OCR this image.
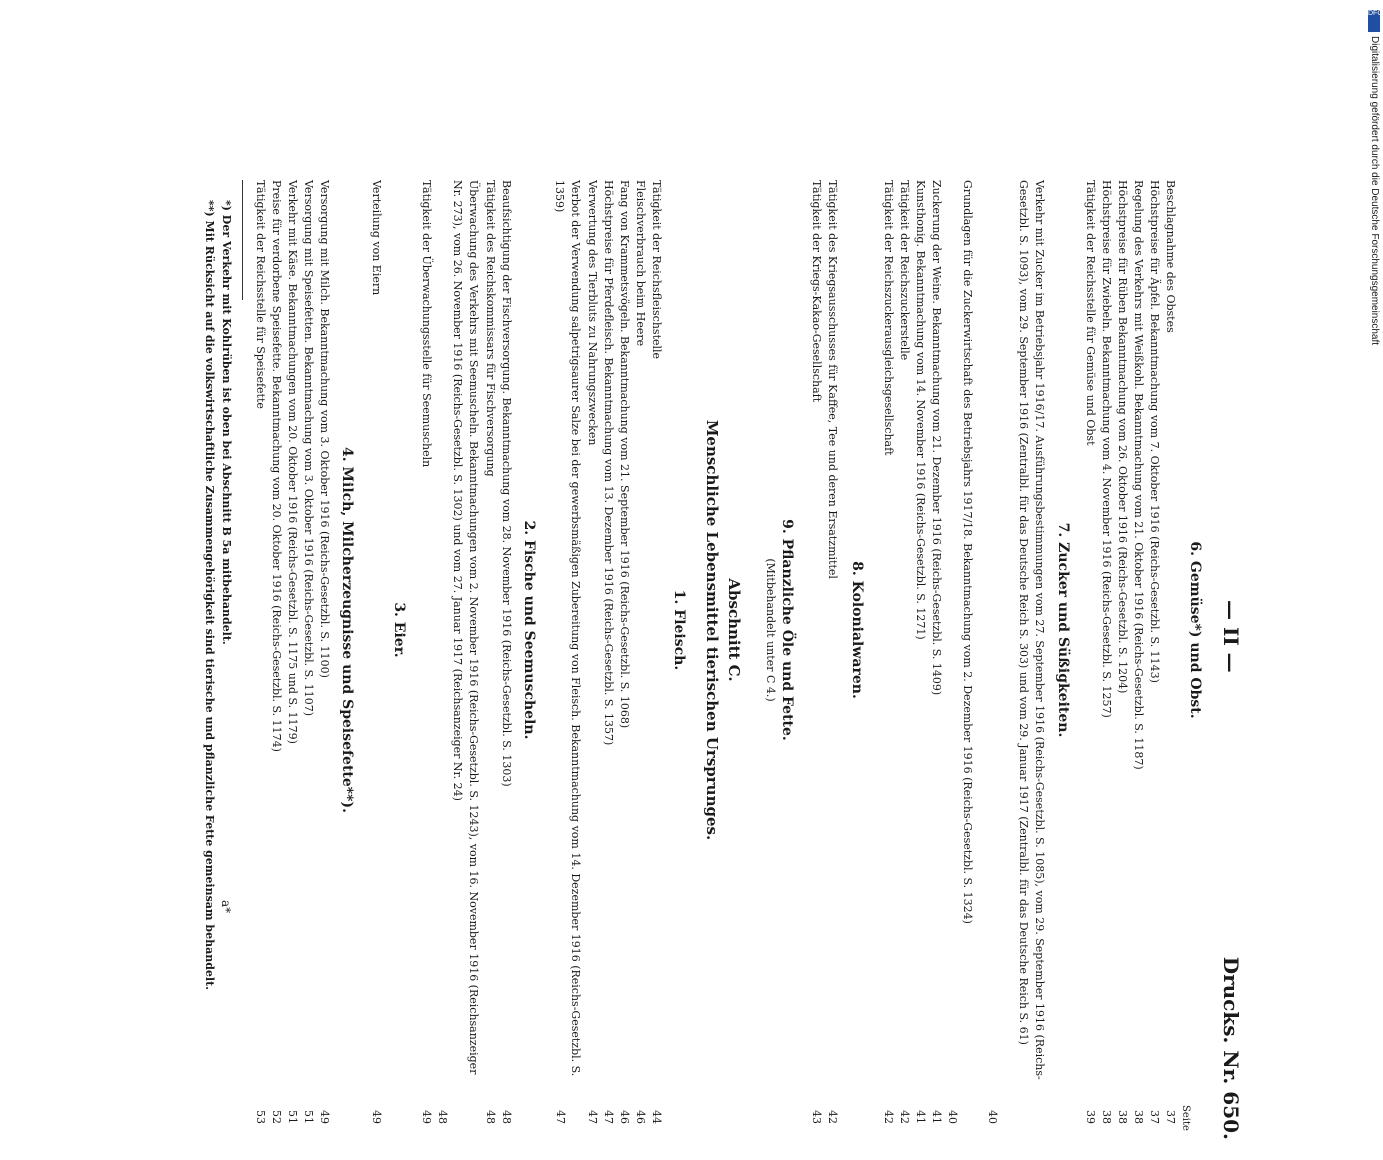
— II —
Drucks. Nr. 650.
6. Gemüse*) und Obst.
Seite
Beschlagnahme des Obstes
37
Höchstpreise für Äpfel. Bekanntmachung vom 7. Oktober 1916 (Reichs-Gesetzbl. S. 1143)
37
Regelung des Verkehrs mit Weißkohl. Bekanntmachung vom 21. Oktober 1916 (Reichs-Gesetzbl. S. 1187)
38
Höchstpreise für Rüben Bekanntmachung vom 26. Oktober 1916 (Reichs-Gesetzbl. S. 1204)
38
Höchstpreise für Zwiebeln. Bekanntmachung vom 4. November 1916 (Reichs-Gesetzbl. S. 1257)
38
Tätigkeit der Reichsstelle für Gemüse und Obst
39
7. Zucker und Süßigkeiten.
Verkehr mit Zucker im Betriebsjahr 1916/17. Ausführungsbestimmungen vom 27. September 1916 (Reichs-Gesetzbl. S. 1085), vom 29. September 1916 (Reichs-Gesetzbl. S. 1093), vom 29. September 1916 (Zentralbl. für das Deutsche Reich S. 303) und vom 29. Januar 1917 (Zentralbl. für das Deutsche Reich S. 61)
40
Grundlagen für die Zuckerwirtschaft des Betriebsjahrs 1917/18. Bekanntmachung vom 2. Dezember 1916 (Reichs-Gesetzbl. S. 1324)
40
Zuckerung der Weine. Bekanntmachung vom 21. Dezember 1916 (Reichs-Gesetzbl. S. 1409)
41
Kunsthonig. Bekanntmachung vom 14. November 1916 (Reichs-Gesetzbl. S. 1271)
41
Tätigkeit der Reichszuckerstelle
42
Tätigkeit der Reichszuckerausgleichsgesellschaft
42
8. Kolonialwaren.
Tätigkeit des Kriegsausschusses für Kaffee, Tee und deren Ersatzmittel
42
Tätigkeit der Kriegs-Kakao-Gesellschaft
43
9. Pflanzliche Öle und Fette.
(Mitbehandelt unter C 4.)
Abschnitt C.
Menschliche Lebensmittel tierischen Ursprunges.
1. Fleisch.
Tätigkeit der Reichsfleischstelle
44
Fleischverbrauch beim Heere
46
Fang von Krammetsvögeln. Bekanntmachung vom 21. September 1916 (Reichs-Gesetzbl. S. 1068)
46
Höchstpreise für Pferdefleisch. Bekanntmachung vom 13. Dezember 1916 (Reichs-Gesetzbl. S. 1357)
47
Verwertung des Tierbluts zu Nahrungszwecken
47
Verbot der Verwendung salpetrigsaurer Salze bei der gewerbsmäßigen Zubereitung von Fleisch. Bekanntmachung vom 14. Dezember 1916 (Reichs-Gesetzbl. S. 1359)
47
2. Fische und Seemuscheln.
Beaufsichtigung der Fischversorgung. Bekanntmachung vom 28. November 1916 (Reichs-Gesetzbl. S. 1303)
48
Tätigkeit des Reichskommissars für Fischversorgung
48
Überwachung des Verkehrs mit Seemuscheln. Bekanntmachungen vom 2. November 1916 (Reichs-Gesetzbl. S. 1243), vom 16. November 1916 (Reichsanzeiger Nr. 273), vom 26. November 1916 (Reichs-Gesetzbl. S. 1302) und vom 27. Januar 1917 (Reichsanzeiger Nr. 24)
48
Tätigkeit der Überwachungsstelle für Seemuscheln
49
3. Eier.
Verteilung von Eiern
49
4. Milch, Milcherzeugnisse und Speisefette**).
Versorgung mit Milch. Bekanntmachung vom 3. Oktober 1916 (Reichs-Gesetzbl. S. 1100)
49
Versorgung mit Speisefetten. Bekanntmachung vom 3. Oktober 1916 (Reichs-Gesetzbl. S. 1107)
51
Verkehr mit Käse. Bekanntmachungen vom 20. Oktober 1916 (Reichs-Gesetzbl. S. 1175 und S. 1179)
51
Preise für verdorbene Speisefette. Bekanntmachung vom 20. Oktober 1916 (Reichs-Gesetzbl. S. 1174)
52
Tätigkeit der Reichsstelle für Speisefette
53
*) Der Verkehr mit Kohlrüben ist oben bei Abschnitt B 5a mitbehandelt.
**) Mit Rücksicht auf die volkswirtschaftliche Zusammengehörigkeit sind tierische und pflanzliche Fette gemeinsam behandelt. a*
DFG
Digitalisierung gefördert durch die Deutsche Forschungsgemeinschaft
